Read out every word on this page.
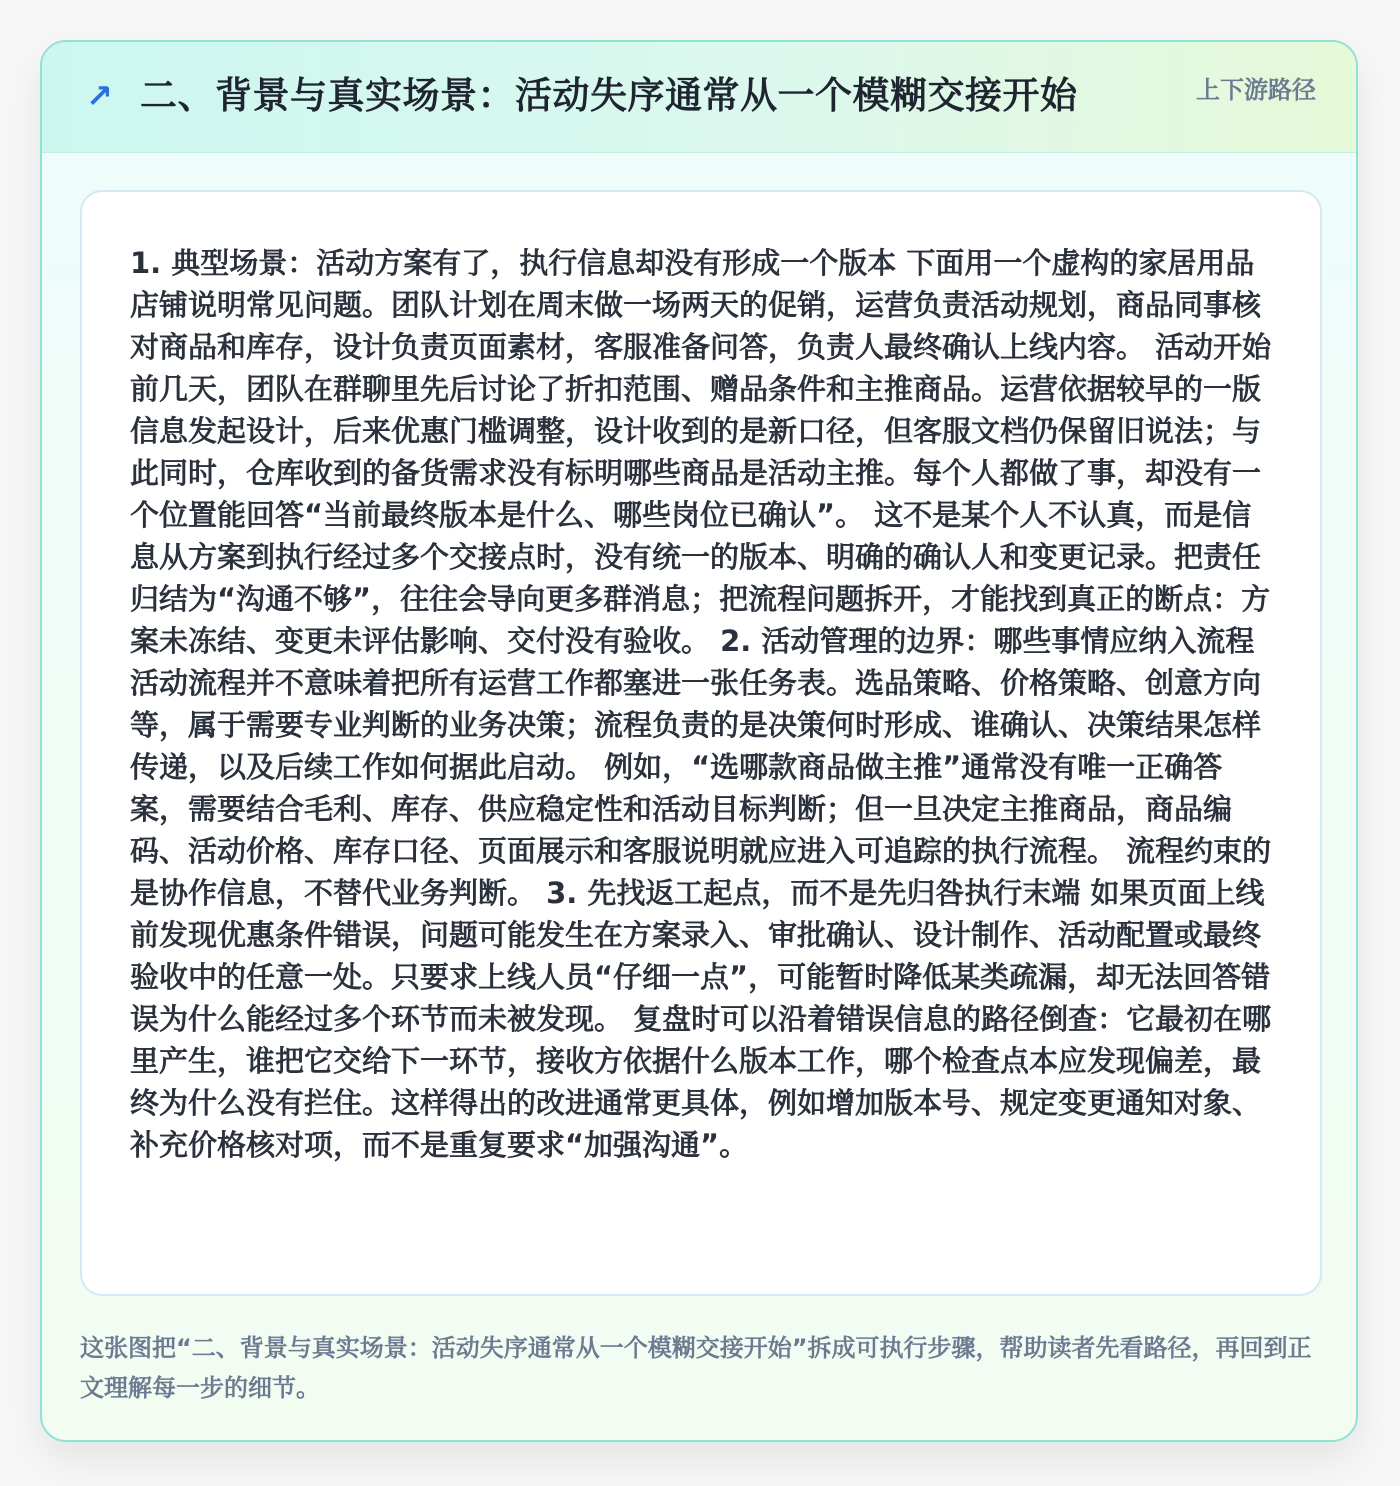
↗ 二、背景与真实场景：活动失序通常从一个模糊交接开始	上下游路径

1. 典型场景：活动方案有了，执行信息却没有形成一个版本 下面用一个虚构的家居用品店铺说明常见问题。团队计划在周末做一场两天的促销，运营负责活动规划，商品同事核对商品和库存，设计负责页面素材，客服准备问答，负责人最终确认上线内容。 活动开始前几天，团队在群聊里先后讨论了折扣范围、赠品条件和主推商品。运营依据较早的一版信息发起设计，后来优惠门槛调整，设计收到的是新口径，但客服文档仍保留旧说法；与此同时，仓库收到的备货需求没有标明哪些商品是活动主推。每个人都做了事，却没有一个位置能回答“当前最终版本是什么、哪些岗位已确认”。 这不是某个人不认真，而是信息从方案到执行经过多个交接点时，没有统一的版本、明确的确认人和变更记录。把责任归结为“沟通不够”，往往会导向更多群消息；把流程问题拆开，才能找到真正的断点：方案未冻结、变更未评估影响、交付没有验收。 2. 活动管理的边界：哪些事情应纳入流程 活动流程并不意味着把所有运营工作都塞进一张任务表。选品策略、价格策略、创意方向等，属于需要专业判断的业务决策；流程负责的是决策何时形成、谁确认、决策结果怎样传递，以及后续工作如何据此启动。 例如，“选哪款商品做主推”通常没有唯一正确答案，需要结合毛利、库存、供应稳定性和活动目标判断；但一旦决定主推商品，商品编码、活动价格、库存口径、页面展示和客服说明就应进入可追踪的执行流程。 流程约束的是协作信息，不替代业务判断。 3. 先找返工起点，而不是先归咎执行末端 如果页面上线前发现优惠条件错误，问题可能发生在方案录入、审批确认、设计制作、活动配置或最终验收中的任意一处。只要求上线人员“仔细一点”，可能暂时降低某类疏漏，却无法回答错误为什么能经过多个环节而未被发现。 复盘时可以沿着错误信息的路径倒查：它最初在哪里产生，谁把它交给下一环节，接收方依据什么版本工作，哪个检查点本应发现偏差，最终为什么没有拦住。这样得出的改进通常更具体，例如增加版本号、规定变更通知对象、补充价格核对项，而不是重复要求“加强沟通”。

这张图把“二、背景与真实场景：活动失序通常从一个模糊交接开始”拆成可执行步骤，帮助读者先看路径，再回到正文理解每一步的细节。
